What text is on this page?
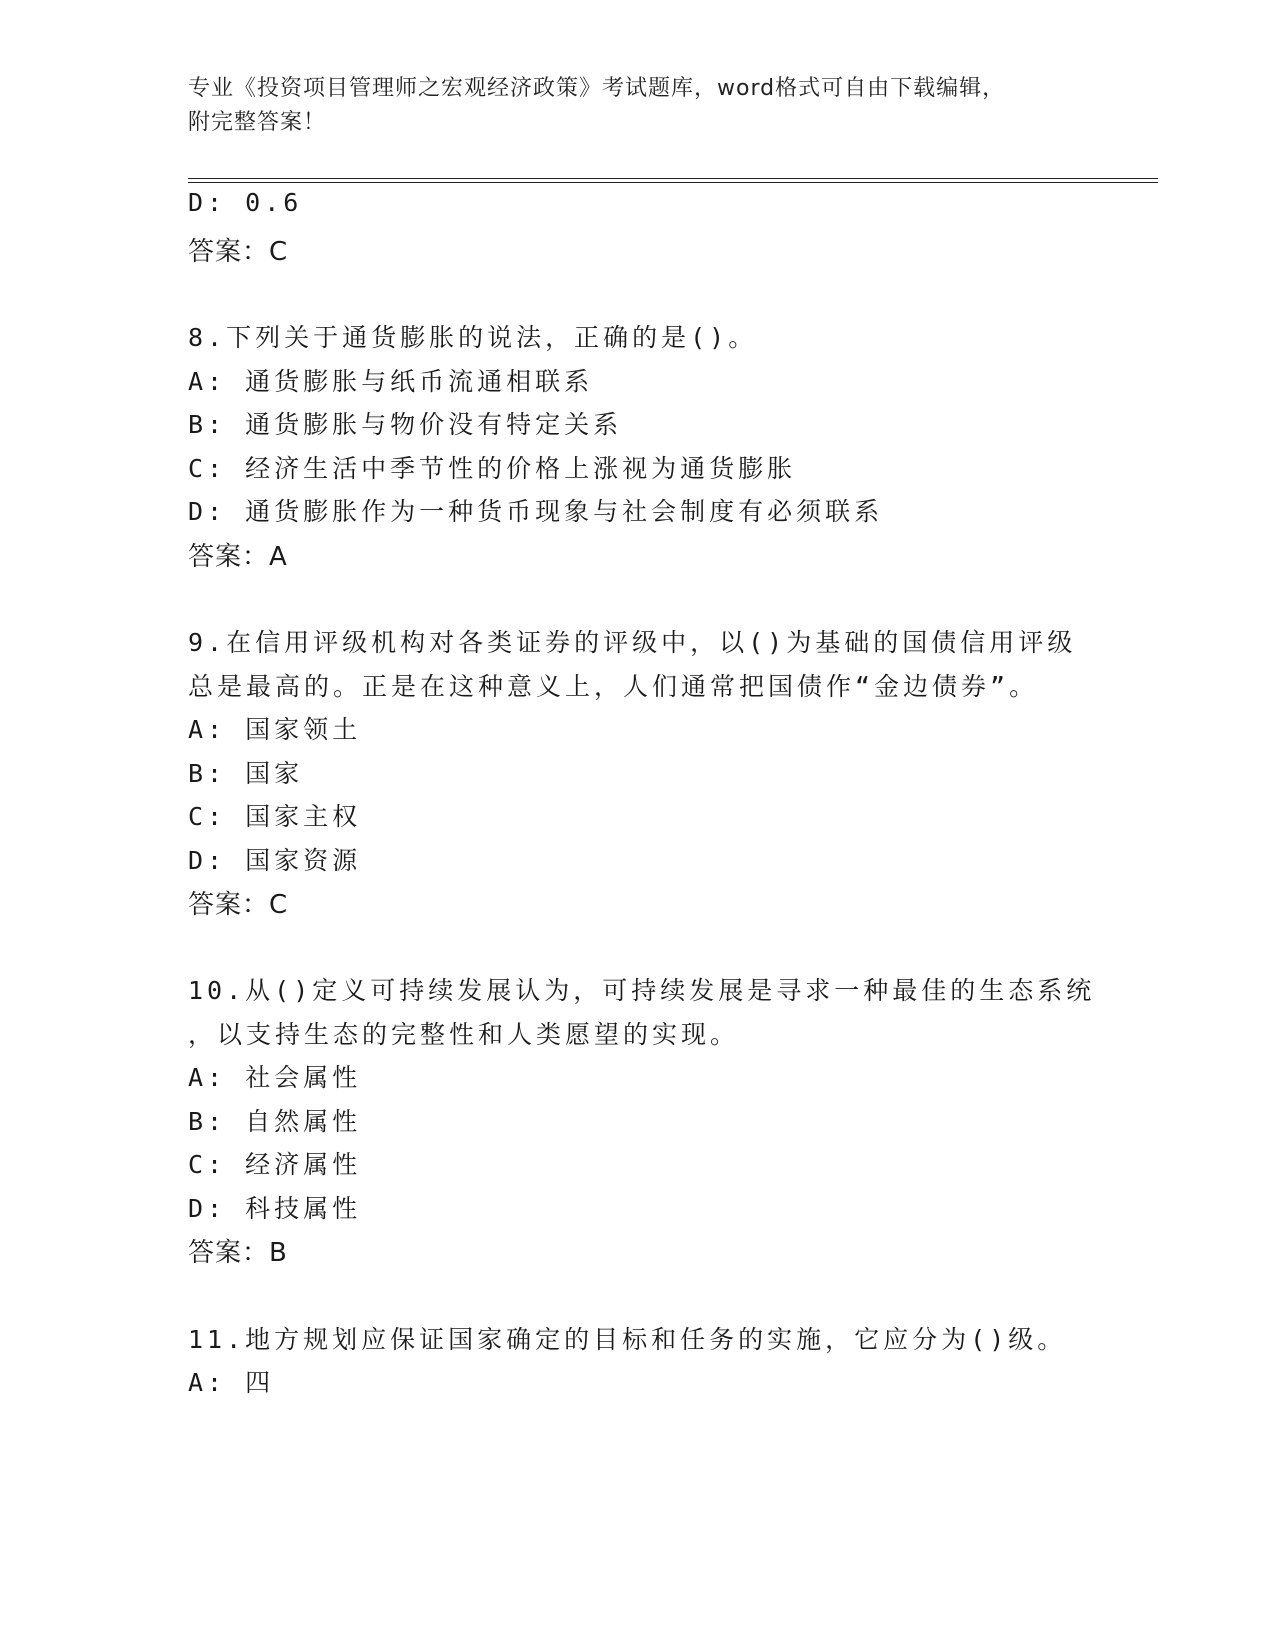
专业《投资项目管理师之宏观经济政策》考试题库，word格式可自由下载编辑，
附完整答案！
D: 0.6
答案：C
8.下列关于通货膨胀的说法，正确的是()。
A: 通货膨胀与纸币流通相联系
B: 通货膨胀与物价没有特定关系
C: 经济生活中季节性的价格上涨视为通货膨胀
D: 通货膨胀作为一种货币现象与社会制度有必须联系
答案：A
9.在信用评级机构对各类证券的评级中，以()为基础的国债信用评级
总是最高的。正是在这种意义上，人们通常把国债作“金边债券”。
A: 国家领土
B: 国家
C: 国家主权
D: 国家资源
答案：C
10.从()定义可持续发展认为，可持续发展是寻求一种最佳的生态系统
，以支持生态的完整性和人类愿望的实现。
A: 社会属性
B: 自然属性
C: 经济属性
D: 科技属性
答案：B
11.地方规划应保证国家确定的目标和任务的实施，它应分为()级。
A: 四
